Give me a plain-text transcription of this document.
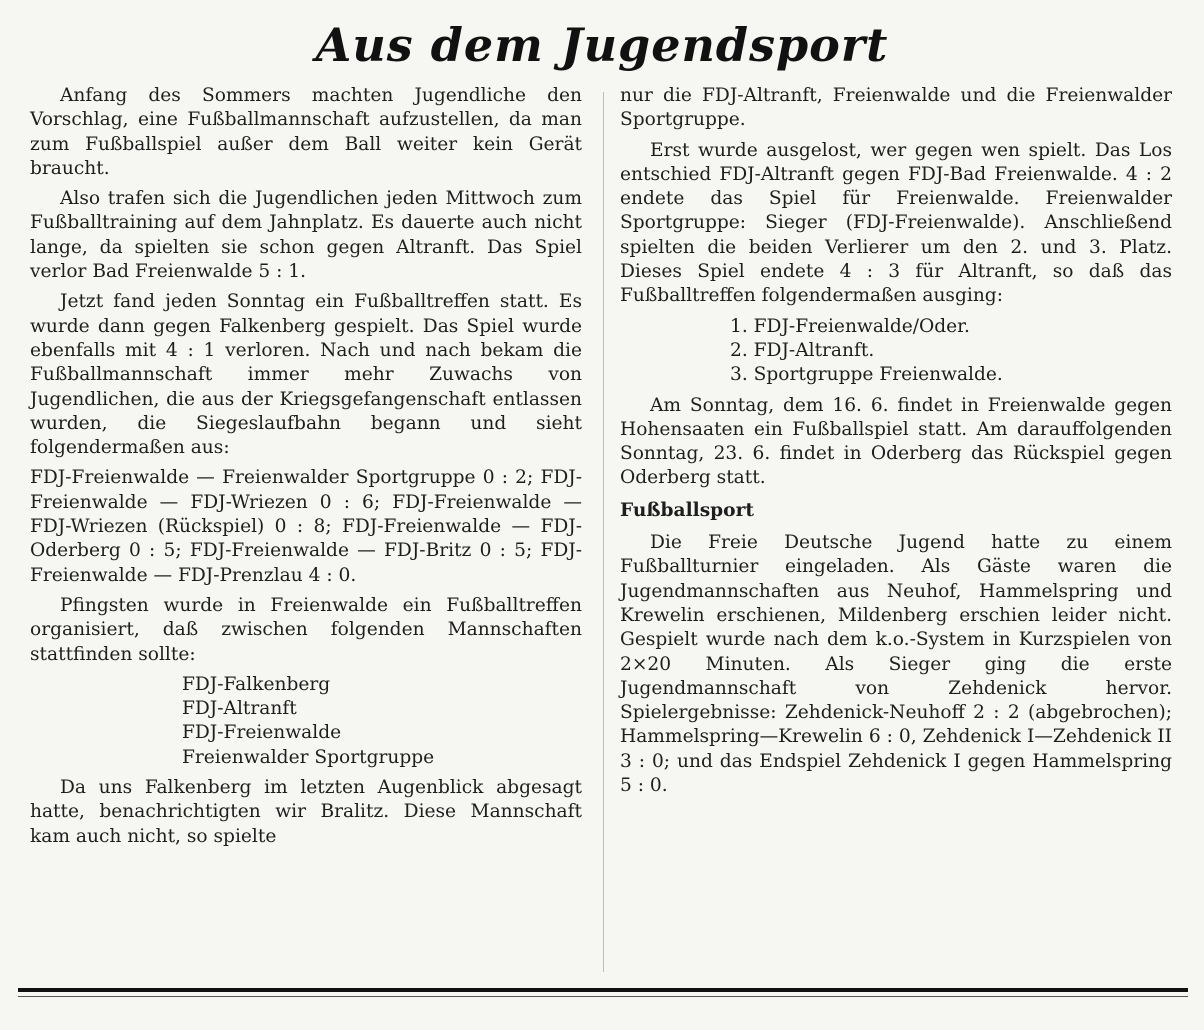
Aus dem Jugendsport

Anfang des Sommers machten Jugendliche den Vorschlag, eine Fußballmannschaft aufzustellen, da man zum Fußballspiel außer dem Ball weiter kein Gerät braucht.

Also trafen sich die Jugendlichen jeden Mittwoch zum Fußballtraining auf dem Jahnplatz. Es dauerte auch nicht lange, da spielten sie schon gegen Altranft. Das Spiel verlor Bad Freienwalde 5 : 1.

Jetzt fand jeden Sonntag ein Fußballtreffen statt. Es wurde dann gegen Falkenberg gespielt. Das Spiel wurde ebenfalls mit 4 : 1 verloren. Nach und nach bekam die Fußballmannschaft immer mehr Zuwachs von Jugendlichen, die aus der Kriegsgefangenschaft entlassen wurden, die Siegeslaufbahn begann und sieht folgendermaßen aus:

FDJ-Freienwalde — Freienwalder Sportgruppe 0 : 2; FDJ-Freienwalde — FDJ-Wriezen 0 : 6; FDJ-Freienwalde — FDJ-Wriezen (Rückspiel) 0 : 8; FDJ-Freienwalde — FDJ-Oderberg 0 : 5; FDJ-Freienwalde — FDJ-Britz 0 : 5; FDJ-Freienwalde — FDJ-Prenzlau 4 : 0.

Pfingsten wurde in Freienwalde ein Fußballtreffen organisiert, daß zwischen folgenden Mannschaften stattfinden sollte:

FDJ-Falkenberg
FDJ-Altranft
FDJ-Freienwalde
Freienwalder Sportgruppe

Da uns Falkenberg im letzten Augenblick abgesagt hatte, benachrichtigten wir Bralitz. Diese Mannschaft kam auch nicht, so spielte

nur die FDJ-Altranft, Freienwalde und die Freienwalder Sportgruppe.

Erst wurde ausgelost, wer gegen wen spielt. Das Los entschied FDJ-Altranft gegen FDJ-Bad Freienwalde. 4 : 2 endete das Spiel für Freienwalde. Freienwalder Sportgruppe: Sieger (FDJ-Freienwalde). Anschließend spielten die beiden Verlierer um den 2. und 3. Platz. Dieses Spiel endete 4 : 3 für Altranft, so daß das Fußballtreffen folgendermaßen ausging:

1. FDJ-Freienwalde/Oder.
2. FDJ-Altranft.
3. Sportgruppe Freienwalde.

Am Sonntag, dem 16. 6. findet in Freienwalde gegen Hohensaaten ein Fußballspiel statt. Am darauffolgenden Sonntag, 23. 6. findet in Oderberg das Rückspiel gegen Oderberg statt.

Fußballsport

Die Freie Deutsche Jugend hatte zu einem Fußballturnier eingeladen. Als Gäste waren die Jugendmannschaften aus Neuhof, Hammelspring und Krewelin erschienen, Mildenberg erschien leider nicht. Gespielt wurde nach dem k.o.-System in Kurzspielen von 2×20 Minuten. Als Sieger ging die erste Jugendmannschaft von Zehdenick hervor. Spielergebnisse: Zehdenick-Neuhoff 2 : 2 (abgebrochen); Hammelspring—Krewelin 6 : 0, Zehdenick I—Zehdenick II 3 : 0; und das Endspiel Zehdenick I gegen Hammelspring 5 : 0.
